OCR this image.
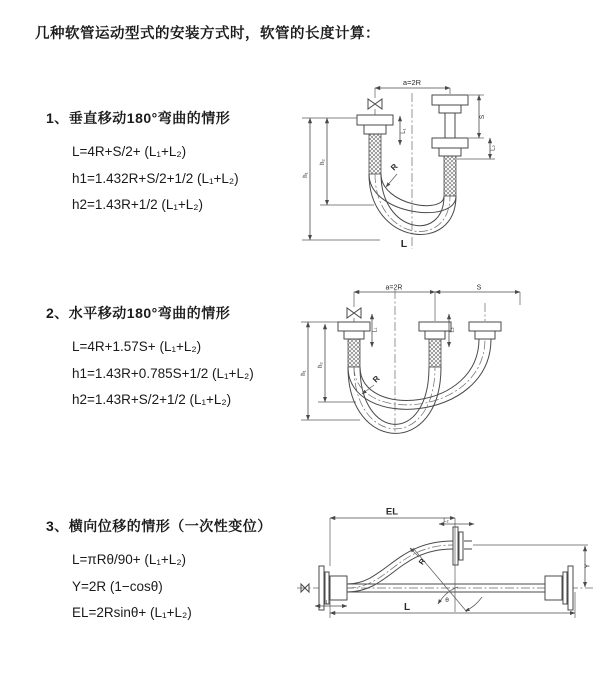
几种软管运动型式的安装方式时，软管的长度计算：

1、垂直移动180°弯曲的情形

L=4R+S/2+ (L₁+L₂)

h1=1.432R+S/2+1/2 (L₁+L₂)

h2=1.43R+1/2 (L₁+L₂)

2、水平移动180°弯曲的情形

L=4R+1.57S+ (L₁+L₂)

h1=1.43R+0.785S+1/2 (L₁+L₂)

h2=1.43R+S/2+1/2 (L₁+L₂)

3、横向位移的情形（一次性变位）

L=πRθ/90+ (L₁+L₂)

Y=2R (1−cosθ)

EL=2Rsinθ+ (L₁+L₂)

a=2R
L₁
S
L₂
h₁
h₂
R
L
a=2R	S
L₁	L₂
h₁
h₂
R
EL
L₂
Y
θ
R
L₁	L
